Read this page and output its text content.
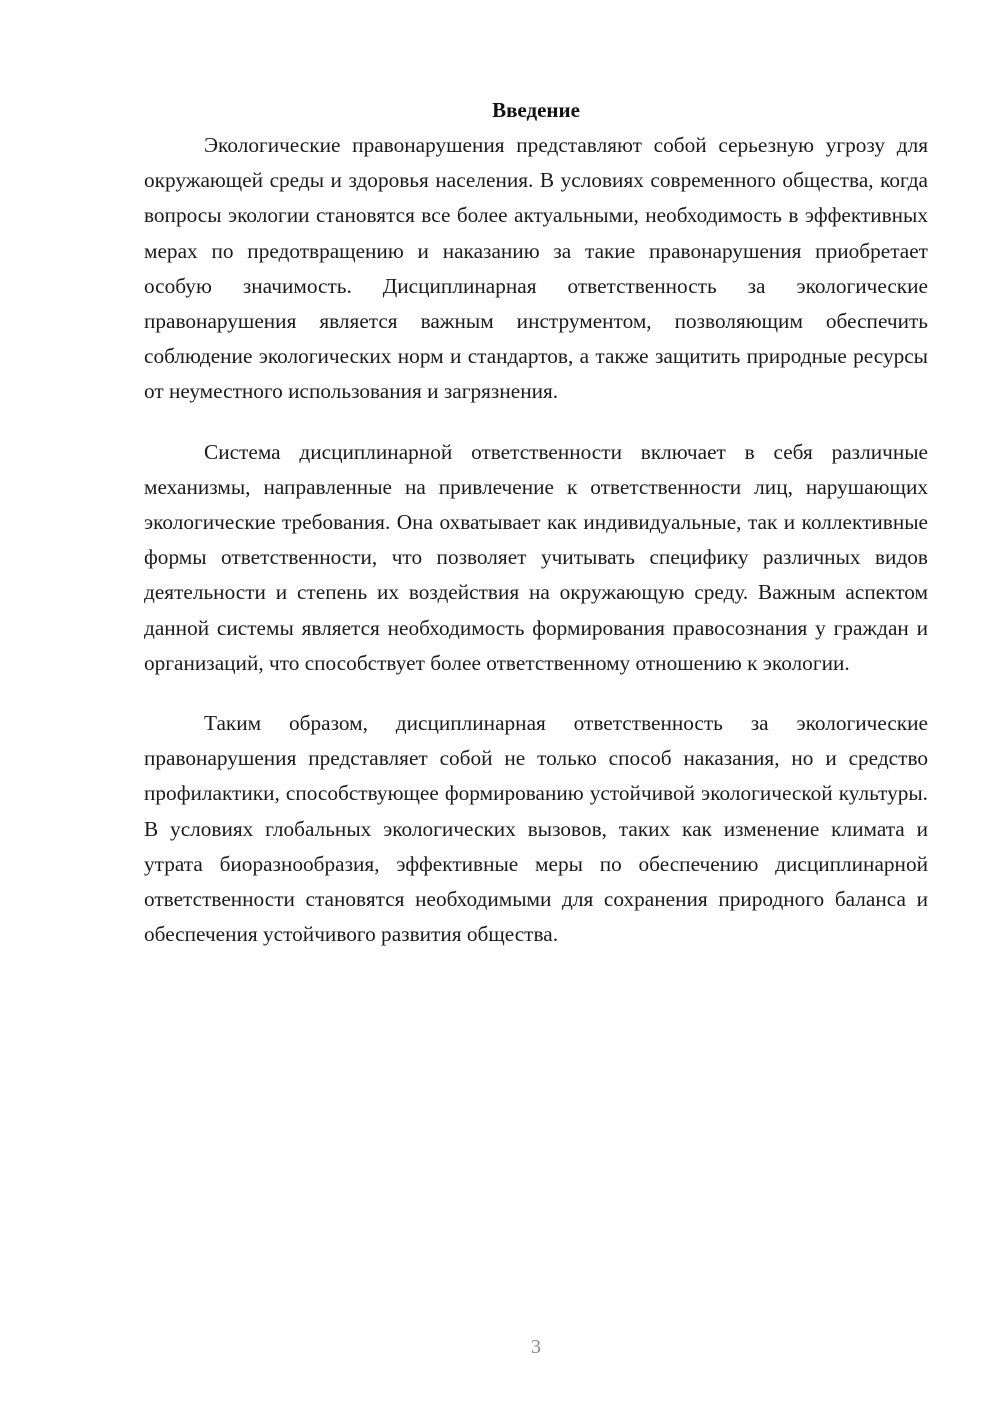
Введение

Экологические правонарушения представляют собой серьезную угрозу для окружающей среды и здоровья населения. В условиях современного общества, когда вопросы экологии становятся все более актуальными, необходимость в эффективных мерах по предотвращению и наказанию за такие правонарушения приобретает особую значимость. Дисциплинарная ответственность за экологические правонарушения является важным инструментом, позволяющим обеспечить соблюдение экологических норм и стандартов, а также защитить природные ресурсы от неуместного использования и загрязнения.

Система дисциплинарной ответственности включает в себя различные механизмы, направленные на привлечение к ответственности лиц, нарушающих экологические требования. Она охватывает как индивидуальные, так и коллективные формы ответственности, что позволяет учитывать специфику различных видов деятельности и степень их воздействия на окружающую среду. Важным аспектом данной системы является необходимость формирования правосознания у граждан и организаций, что способствует более ответственному отношению к экологии.

Таким образом, дисциплинарная ответственность за экологические правонарушения представляет собой не только способ наказания, но и средство профилактики, способствующее формированию устойчивой экологической культуры. В условиях глобальных экологических вызовов, таких как изменение климата и утрата биоразнообразия, эффективные меры по обеспечению дисциплинарной ответственности становятся необходимыми для сохранения природного баланса и обеспечения устойчивого развития общества.

3
